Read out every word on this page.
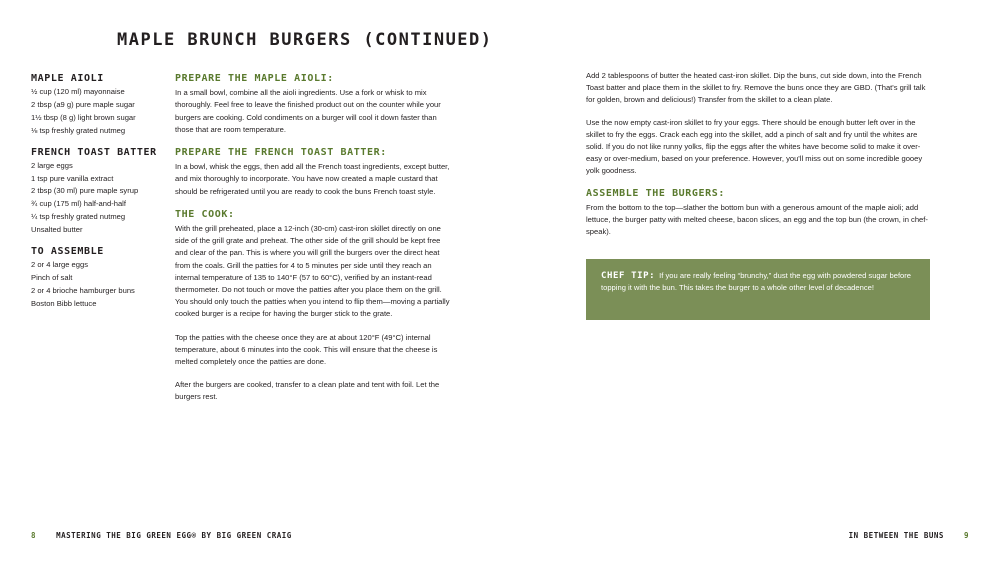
MAPLE BRUNCH BURGERS (CONTINUED)
MAPLE AIOLI
½ cup (120 ml) mayonnaise
2 tbsp (a9 g) pure maple sugar
1½ tbsp (8 g) light brown sugar
⅛ tsp freshly grated nutmeg
FRENCH TOAST BATTER
2 large eggs
1 tsp pure vanilla extract
2 tbsp (30 ml) pure maple syrup
¾ cup (175 ml) half-and-half
¼ tsp freshly grated nutmeg
Unsalted butter
TO ASSEMBLE
2 or 4 large eggs
Pinch of salt
2 or 4 brioche hamburger buns
Boston Bibb lettuce
PREPARE THE MAPLE AIOLI:

In a small bowl, combine all the aioli ingredients. Use a fork or whisk to mix thoroughly. Feel free to leave the finished product out on the counter while your burgers are cooking. Cold condiments on a burger will cool it down faster than those that are room temperature.

PREPARE THE FRENCH TOAST BATTER:

In a bowl, whisk the eggs, then add all the French toast ingredients, except butter, and mix thoroughly to incorporate. You have now created a maple custard that should be refrigerated until you are ready to cook the buns French toast style.

THE COOK:

With the grill preheated, place a 12-inch (30-cm) cast-iron skillet directly on one side of the grill grate and preheat. The other side of the grill should be kept free and clear of the pan. This is where you will grill the burgers over the direct heat from the coals. Grill the patties for 4 to 5 minutes per side until they reach an internal temperature of 135 to 140°F (57 to 60°C), verified by an instant-read thermometer. Do not touch or move the patties after you place them on the grill. You should only touch the patties when you intend to flip them—moving a partially cooked burger is a recipe for having the burger stick to the grate.

Top the patties with the cheese once they are at about 120°F (49°C) internal temperature, about 6 minutes into the cook. This will ensure that the cheese is melted completely once the patties are done.

After the burgers are cooked, transfer to a clean plate and tent with foil. Let the burgers rest.

Add 2 tablespoons of butter the heated cast-iron skillet. Dip the buns, cut side down, into the French Toast batter and place them in the skillet to fry. Remove the buns once they are GBD. (That's grill talk for golden, brown and delicious!) Transfer from the skillet to a clean plate.

Use the now empty cast-iron skillet to fry your eggs. There should be enough butter left over in the skillet to fry the eggs. Crack each egg into the skillet, add a pinch of salt and fry until the whites are solid. If you do not like runny yolks, flip the eggs after the whites have become solid to make it over-easy or over-medium, based on your preference. However, you'll miss out on some incredible gooey yolk goodness.

ASSEMBLE THE BURGERS:

From the bottom to the top—slather the bottom bun with a generous amount of the maple aioli; add lettuce, the burger patty with melted cheese, bacon slices, an egg and the top bun (the crown, in chef-speak).

CHEF TIP: If you are really feeling “brunchy,” dust the egg with powdered sugar before topping it with the bun. This takes the burger to a whole other level of decadence!
8	MASTERING THE BIG GREEN EGG® BY BIG GREEN CRAIG	IN BETWEEN THE BUNS	9
